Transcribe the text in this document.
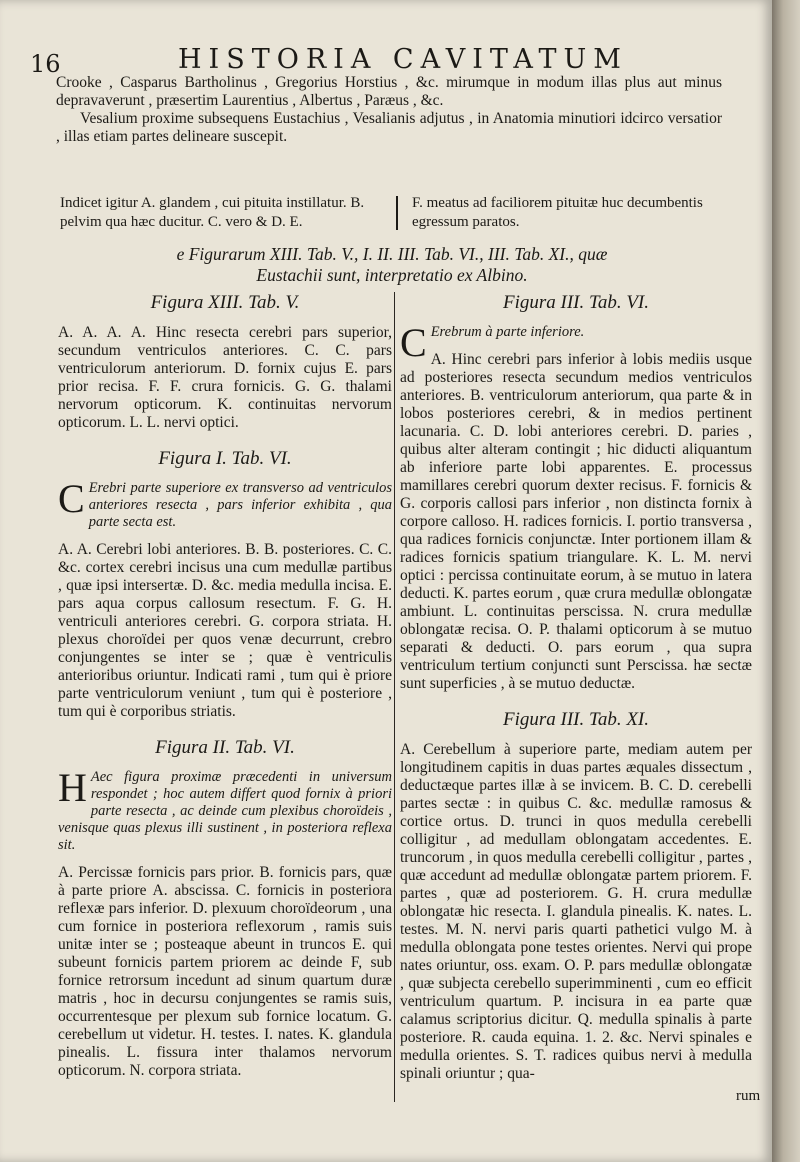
16	HISTORIA CAVITATUM

Crooke , Casparus Bartholinus , Gregorius Horstius , &c. mirumque in modum illas plus aut minus depravaverunt , præsertim Laurentius , Albertus , Paræus , &c.

Vesalium proxime subsequens Eustachius , Vesalianis adjutus , in Anatomia minutiori idcirco versatior , illas etiam partes delineare suscepit.

Indicet igitur A. glandem , cui pituita instillatur. B. pelvim qua hæc ducitur. C. vero & D. E.
F. meatus ad faciliorem pituitæ huc decumbentis egressum paratos.
e Figurarum XIII. Tab. V., I. II. III. Tab. VI., III. Tab. XI., quæ
Eustachii sunt, interpretatio ex Albino.
Figura XIII. Tab. V.

A. A. A. A. Hinc resecta cerebri pars superior, secundum ventriculos anteriores. C. C. pars ventriculorum anteriorum. D. fornix cujus E. pars prior recisa. F. F. crura fornicis. G. G. thalami nervorum opticorum. K. continuitas nervorum opticorum. L. L. nervi optici.

Figura I. Tab. VI.

C Erebri parte superiore ex transverso ad ventriculos anteriores resecta , pars inferior exhibita , qua parte secta est.

A. A. Cerebri lobi anteriores. B. B. posteriores. C. C. &c. cortex cerebri incisus una cum medullæ partibus , quæ ipsi intersertæ. D. &c. media medulla incisa. E. pars aqua corpus callosum resectum. F. G. H. ventriculi anteriores cerebri. G. corpora striata. H. plexus choroïdei per quos venæ decurrunt, crebro conjungentes se inter se ; quæ è ventriculis anterioribus oriuntur. Indicati rami , tum qui è priore parte ventriculorum veniunt , tum qui è posteriore , tum qui è corporibus striatis.

Figura II. Tab. VI.

H Aec figura proximæ præcedenti in universum respondet ; hoc autem differt quod fornix à priori parte resecta , ac deinde cum plexibus choroïdeis , venisque quas plexus illi sustinent , in posteriora reflexa sit.

A. Percissæ fornicis pars prior. B. fornicis pars, quæ à parte priore A. abscissa. C. fornicis in posteriora reflexæ pars inferior. D. plexuum choroïdeorum , una cum fornice in posteriora reflexorum , ramis suis unitæ inter se ; posteaque abeunt in truncos E. qui subeunt fornicis partem priorem ac deinde F, sub fornice retrorsum incedunt ad sinum quartum duræ matris , hoc in decursu conjungentes se ramis suis, occurrentesque per plexum sub fornice locatum. G. cerebellum ut videtur. H. testes. I. nates. K. glandula pinealis. L. fissura inter thalamos nervorum opticorum. N. corpora striata.

Figura III. Tab. VI.

C Erebrum à parte inferiore.

A. Hinc cerebri pars inferior à lobis mediis usque ad posteriores resecta secundum medios ventriculos anteriores. B. ventriculorum anteriorum, qua parte & in lobos posteriores cerebri, & in medios pertinent lacunaria. C. D. lobi anteriores cerebri. D. paries , quibus alter alteram contingit ; hic diducti aliquantum ab inferiore parte lobi apparentes. E. processus mamillares cerebri quorum dexter recisus. F. fornicis & G. corporis callosi pars inferior , non distincta fornix à corpore calloso. H. radices fornicis. I. portio transversa , qua radices fornicis conjunctæ. Inter portionem illam & radices fornicis spatium triangulare. K. L. M. nervi optici : percissa continuitate eorum, à se mutuo in latera deducti. K. partes eorum , quæ crura medullæ oblongatæ ambiunt. L. continuitas perscissa. N. crura medullæ oblongatæ recisa. O. P. thalami opticorum à se mutuo separati & deducti. O. pars eorum , qua supra ventriculum tertium conjuncti sunt Perscissa. hæ sectæ sunt superficies , à se mutuo deductæ.

Figura III. Tab. XI.

A. Cerebellum à superiore parte, mediam autem per longitudinem capitis in duas partes æquales dissectum , deductæque partes illæ à se invicem. B. C. D. cerebelli partes sectæ : in quibus C. &c. medullæ ramosus & cortice ortus. D. trunci in quos medulla cerebelli colligitur , ad medullam oblongatam accedentes. E. truncorum , in quos medulla cerebelli colligitur , partes , quæ accedunt ad medullæ oblongatæ partem priorem. F. partes , quæ ad posteriorem. G. H. crura medullæ oblongatæ hic resecta. I. glandula pinealis. K. nates. L. testes. M. N. nervi paris quarti pathetici vulgo M. à medulla oblongata pone testes orientes. Nervi qui prope nates oriuntur, oss. exam. O. P. pars medullæ oblongatæ , quæ subjecta cerebello superimminenti , cum eo efficit ventriculum quartum. P. incisura in ea parte quæ calamus scriptorius dicitur. Q. medulla spinalis à parte posteriore. R. cauda equina. 1. 2. &c. Nervi spinales e medulla orientes. S. T. radices quibus nervi à medulla spinali oriuntur ; qua-

rum
